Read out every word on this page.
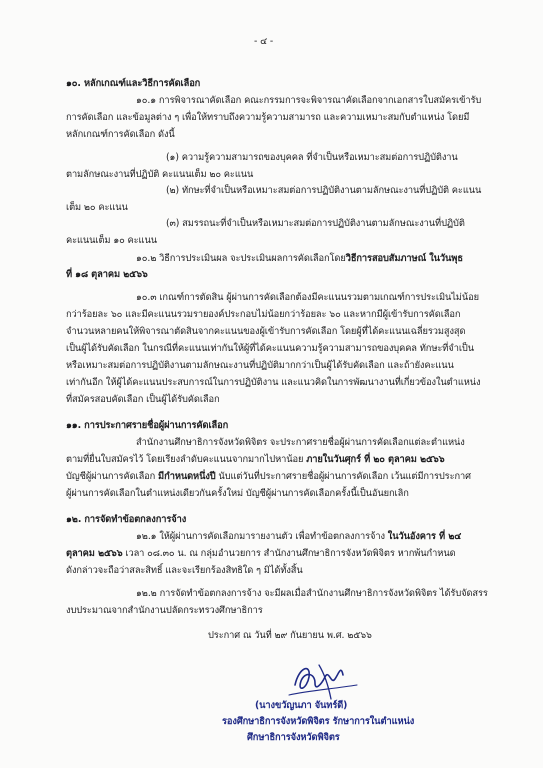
- ๔ -
๑๐. หลักเกณฑ์และวิธีการคัดเลือก
๑๐.๑ การพิจารณาคัดเลือก คณะกรรมการจะพิจารณาคัดเลือกจากเอกสารใบสมัครเข้ารับ
การคัดเลือก และข้อมูลต่าง ๆ เพื่อให้ทราบถึงความรู้ความสามารถ และความเหมาะสมกับตำแหน่ง โดยมี
หลักเกณฑ์การคัดเลือก ดังนี้
(๑) ความรู้ความสามารถของบุคคล ที่จำเป็นหรือเหมาะสมต่อการปฏิบัติงาน
ตามลักษณะงานที่ปฏิบัติ คะแนนเต็ม ๒๐ คะแนน
(๒) ทักษะที่จำเป็นหรือเหมาะสมต่อการปฏิบัติงานตามลักษณะงานที่ปฏิบัติ คะแนน
เต็ม ๒๐ คะแนน
(๓) สมรรถนะที่จำเป็นหรือเหมาะสมต่อการปฏิบัติงานตามลักษณะงานที่ปฏิบัติ
คะแนนเต็ม ๑๐ คะแนน
๑๐.๒ วิธีการประเมินผล จะประเมินผลการคัดเลือกโดยวิธีการสอบสัมภาษณ์ ในวันพุธ
ที่ ๑๘ ตุลาคม ๒๕๖๖
๑๐.๓ เกณฑ์การตัดสิน ผู้ผ่านการคัดเลือกต้องมีคะแนนรวมตามเกณฑ์การประเมินไม่น้อย
กว่าร้อยละ ๖๐ และมีคะแนนรวมรายองค์ประกอบไม่น้อยกว่าร้อยละ ๖๐ และหากมีผู้เข้ารับการคัดเลือก
จำนวนหลายคนให้พิจารณาตัดสินจากคะแนนของผู้เข้ารับการคัดเลือก โดยผู้ที่ได้คะแนนเฉลี่ยรวมสูงสุด
เป็นผู้ได้รับคัดเลือก ในกรณีที่คะแนนเท่ากันให้ผู้ที่ได้คะแนนความรู้ความสามารถของบุคคล ทักษะที่จำเป็น
หรือเหมาะสมต่อการปฏิบัติงานตามลักษณะงานที่ปฏิบัติมากกว่าเป็นผู้ได้รับคัดเลือก และถ้ายังคะแนน
เท่ากันอีก ให้ผู้ได้คะแนนประสบการณ์ในการปฏิบัติงาน และแนวคิดในการพัฒนางานที่เกี่ยวข้องในตำแหน่ง
ที่สมัครสอบคัดเลือก เป็นผู้ได้รับคัดเลือก
๑๑. การประกาศรายชื่อผู้ผ่านการคัดเลือก
สำนักงานศึกษาธิการจังหวัดพิจิตร จะประกาศรายชื่อผู้ผ่านการคัดเลือกแต่ละตำแหน่ง
ตามที่ยื่นใบสมัครไว้ โดยเรียงลำดับคะแนนจากมากไปหาน้อย ภายในวันศุกร์ ที่ ๒๐ ตุลาคม ๒๕๖๖
บัญชีผู้ผ่านการคัดเลือก มีกำหนดหนึ่งปี นับแต่วันที่ประกาศรายชื่อผู้ผ่านการคัดเลือก เว้นแต่มีการประกาศ
ผู้ผ่านการคัดเลือกในตำแหน่งเดียวกันครั้งใหม่ บัญชีผู้ผ่านการคัดเลือกครั้งนี้เป็นอันยกเลิก
๑๒. การจัดทำข้อตกลงการจ้าง
๑๒.๑ ให้ผู้ผ่านการคัดเลือกมารายงานตัว เพื่อทำข้อตกลงการจ้าง ในวันอังคาร ที่ ๒๔
ตุลาคม ๒๕๖๖ เวลา ๐๘.๓๐ น. ณ กลุ่มอำนวยการ สำนักงานศึกษาธิการจังหวัดพิจิตร หากพ้นกำหนด
ดังกล่าวจะถือว่าสละสิทธิ์ และจะเรียกร้องสิทธิใด ๆ มิได้ทั้งสิ้น
๑๒.๒ การจัดทำข้อตกลงการจ้าง จะมีผลเมื่อสำนักงานศึกษาธิการจังหวัดพิจิตร ได้รับจัดสรร
งบประมาณจากสำนักงานปลัดกระทรวงศึกษาธิการ
ประกาศ ณ วันที่ ๒๙ กันยายน พ.ศ. ๒๕๖๖
(นางขวัญนภา จันทร์ดี)
รองศึกษาธิการจังหวัดพิจิตร รักษาการในตำแหน่ง
ศึกษาธิการจังหวัดพิจิตร
